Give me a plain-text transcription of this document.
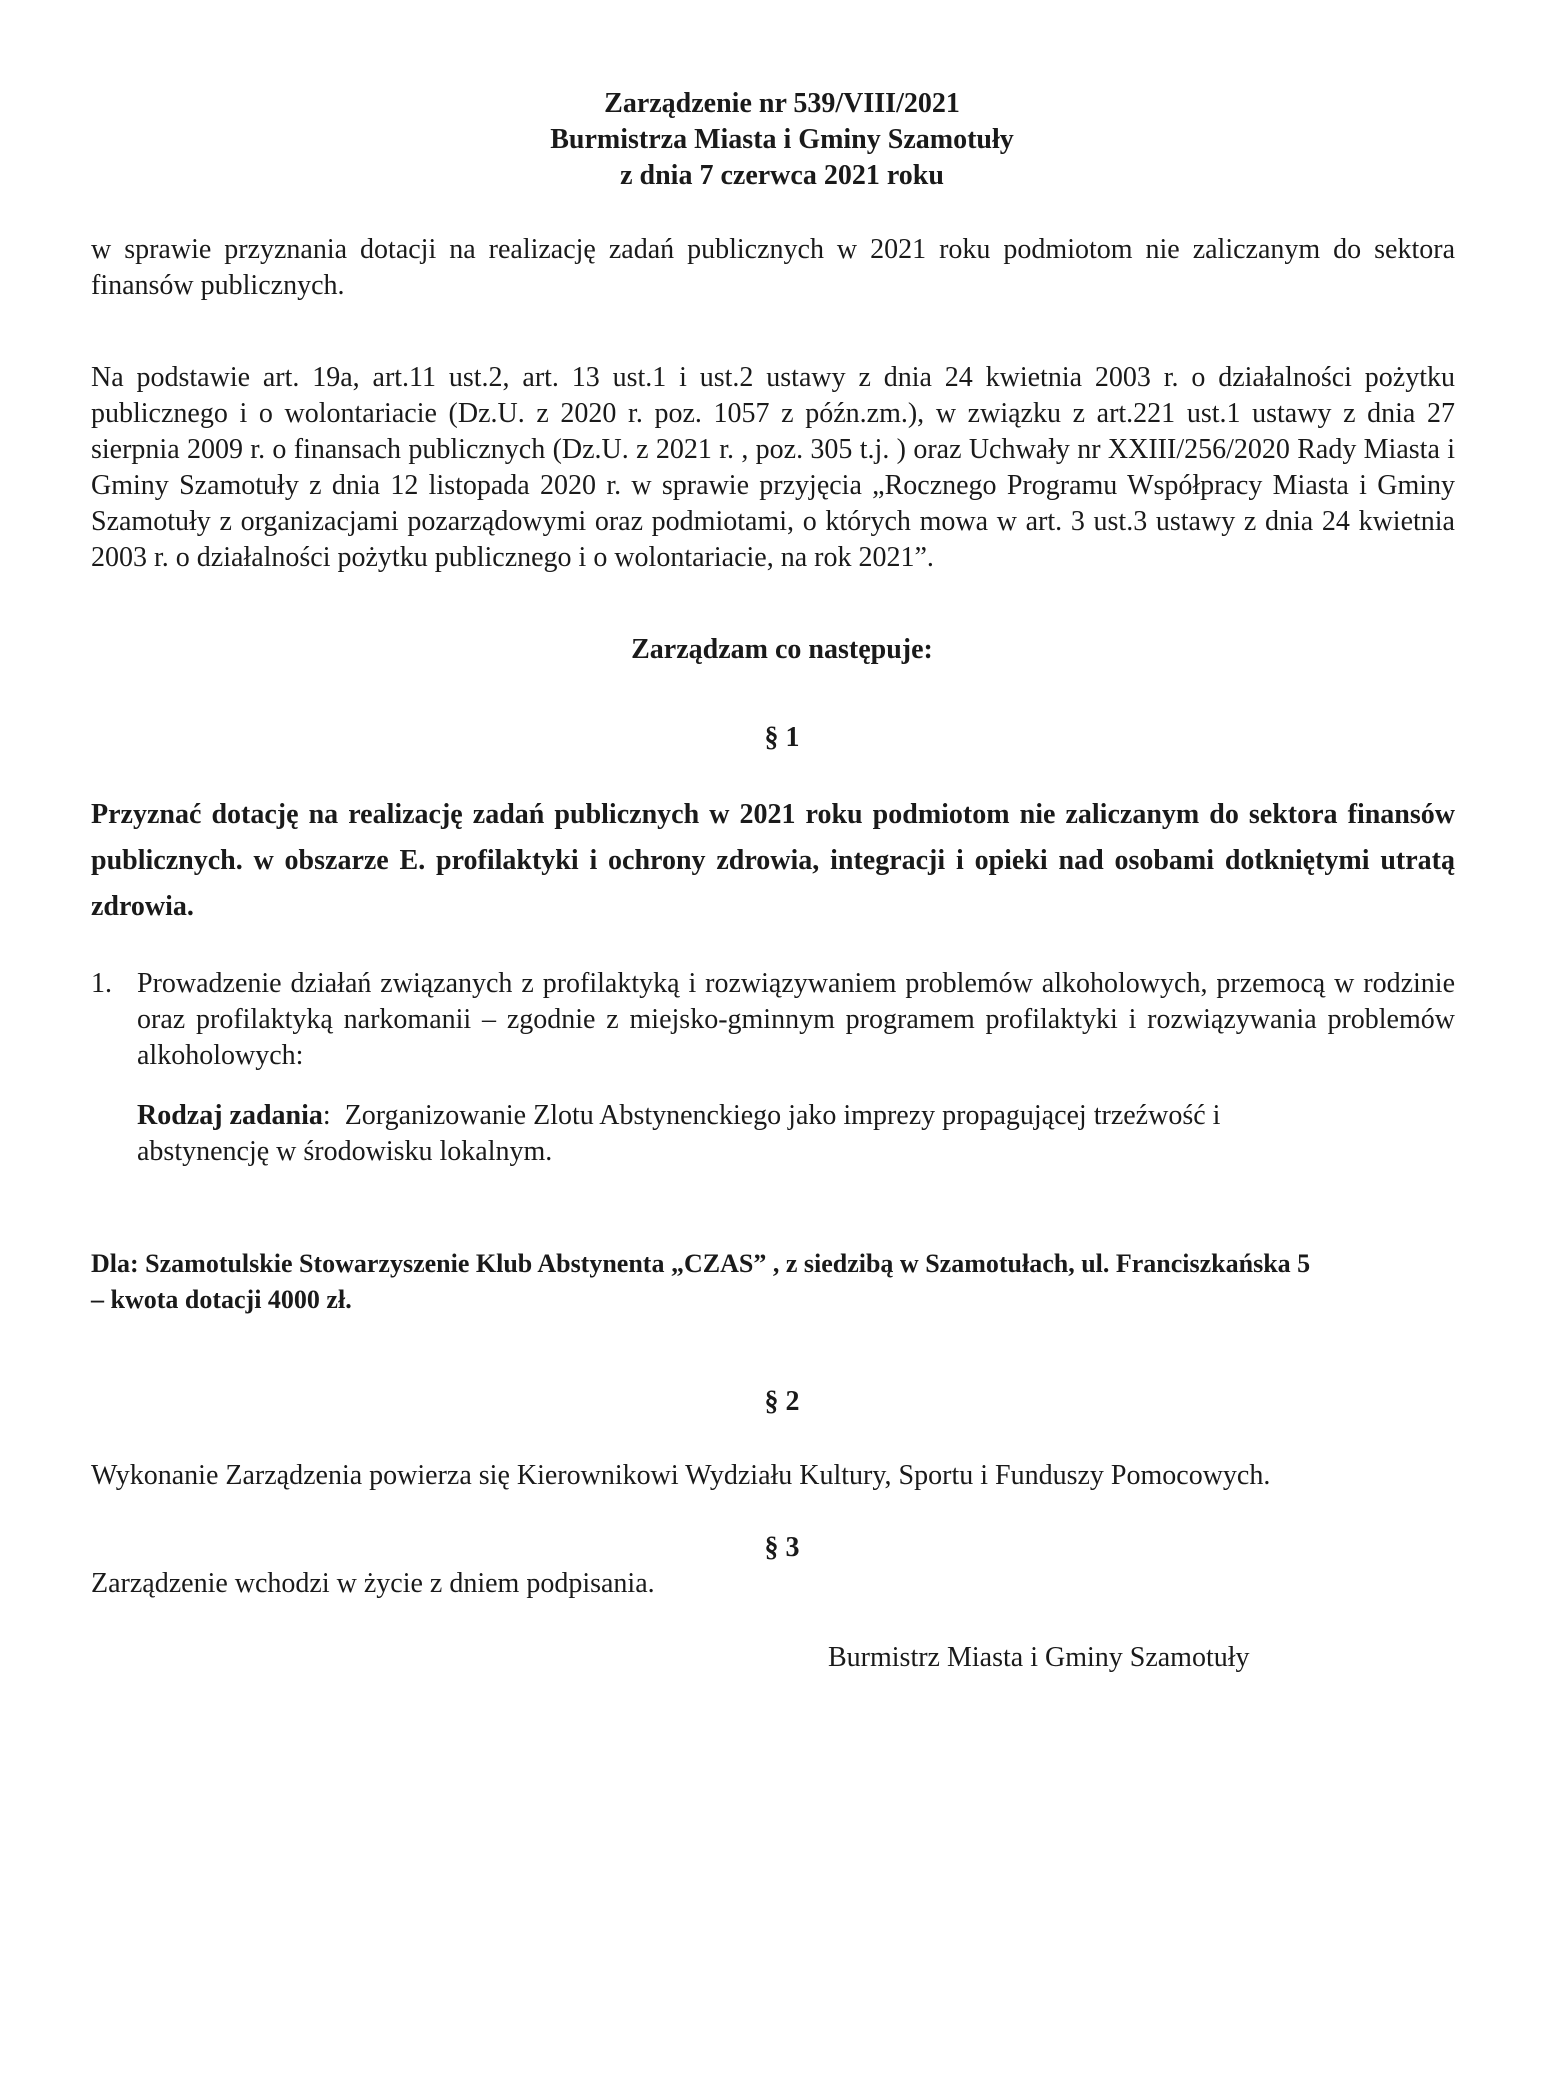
Zarządzenie nr 539/VIII/2021
Burmistrza Miasta i Gminy Szamotuły
z dnia 7 czerwca 2021 roku
w sprawie przyznania dotacji na realizację zadań publicznych w 2021 roku podmiotom nie zaliczanym do sektora finansów publicznych.
Na podstawie art. 19a, art.11 ust.2, art. 13 ust.1 i ust.2 ustawy z dnia 24 kwietnia 2003 r. o działalności pożytku publicznego i o wolontariacie (Dz.U. z 2020 r. poz. 1057 z późn.zm.), w związku z art.221 ust.1 ustawy z dnia 27 sierpnia 2009 r. o finansach publicznych (Dz.U. z 2021 r. , poz. 305 t.j. ) oraz Uchwały nr XXIII/256/2020 Rady Miasta i Gminy Szamotuły z dnia 12 listopada 2020 r. w sprawie przyjęcia „Rocznego Programu Współpracy Miasta i Gminy Szamotuły z organizacjami pozarządowymi oraz podmiotami, o których mowa w art. 3 ust.3 ustawy z dnia 24 kwietnia 2003 r. o działalności pożytku publicznego i o wolontariacie, na rok 2021”.
Zarządzam co następuje:
§ 1
Przyznać dotację na realizację zadań publicznych w 2021 roku podmiotom nie zaliczanym do sektora finansów publicznych. w obszarze E. profilaktyki i ochrony zdrowia, integracji i opieki nad osobami dotkniętymi utratą zdrowia.
1. Prowadzenie działań związanych z profilaktyką i rozwiązywaniem problemów alkoholowych, przemocą w rodzinie oraz profilaktyką narkomanii – zgodnie z miejsko-gminnym programem profilaktyki i rozwiązywania problemów alkoholowych:
Rodzaj zadania:  Zorganizowanie Zlotu Abstynenckiego jako imprezy propagującej trzeźwość i
abstynencję w środowisku lokalnym.
Dla: Szamotulskie Stowarzyszenie Klub Abstynenta „CZAS” , z siedzibą w Szamotułach, ul. Franciszkańska 5
– kwota dotacji 4000 zł.
§ 2
Wykonanie Zarządzenia powierza się Kierownikowi Wydziału Kultury, Sportu i Funduszy Pomocowych.
§ 3
Zarządzenie wchodzi w życie z dniem podpisania.
Burmistrz Miasta i Gminy Szamotuły
